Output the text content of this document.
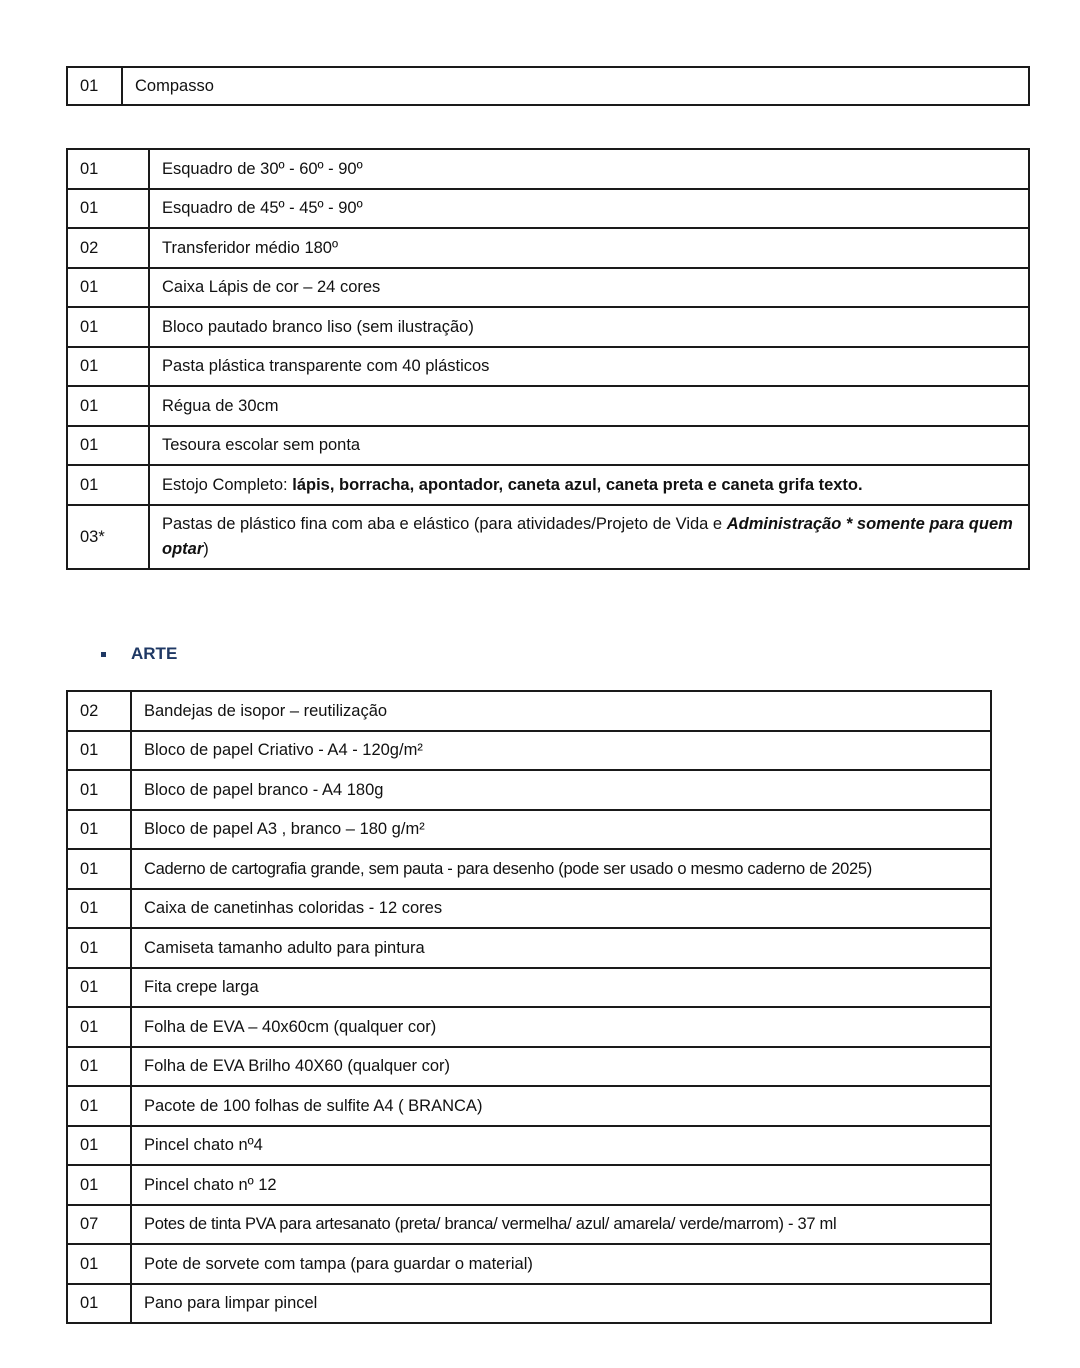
01	Compasso
01	Esquadro de 30º - 60º - 90º
01	Esquadro de 45º - 45º - 90º
02	Transferidor médio 180º
01	Caixa Lápis de cor – 24 cores
01	Bloco pautado branco liso (sem ilustração)
01	Pasta plástica transparente com 40 plásticos
01	Régua de 30cm
01	Tesoura escolar sem ponta
01	Estojo Completo: lápis, borracha, apontador, caneta azul, caneta preta e caneta grifa texto.
03*	Pastas de plástico fina com aba e elástico (para atividades/Projeto de Vida e Administração * somente para quem optar)
ARTE
02	Bandejas de isopor – reutilização
01	Bloco de papel Criativo - A4 - 120g/m²
01	Bloco de papel branco - A4 180g
01	Bloco de papel A3 , branco – 180 g/m²
01	Caderno de cartografia grande, sem pauta - para desenho (pode ser usado o mesmo caderno de 2025)
01	Caixa de canetinhas coloridas - 12 cores
01	Camiseta tamanho adulto para pintura
01	Fita crepe larga
01	Folha de EVA – 40x60cm (qualquer cor)
01	Folha de EVA Brilho 40X60 (qualquer cor)
01	Pacote de 100 folhas de sulfite A4 ( BRANCA)
01	Pincel chato nº4
01	Pincel chato nº 12
07	Potes de tinta PVA para artesanato (preta/ branca/ vermelha/ azul/ amarela/ verde/marrom) - 37 ml
01	Pote de sorvete com tampa (para guardar o material)
01	Pano para limpar pincel
